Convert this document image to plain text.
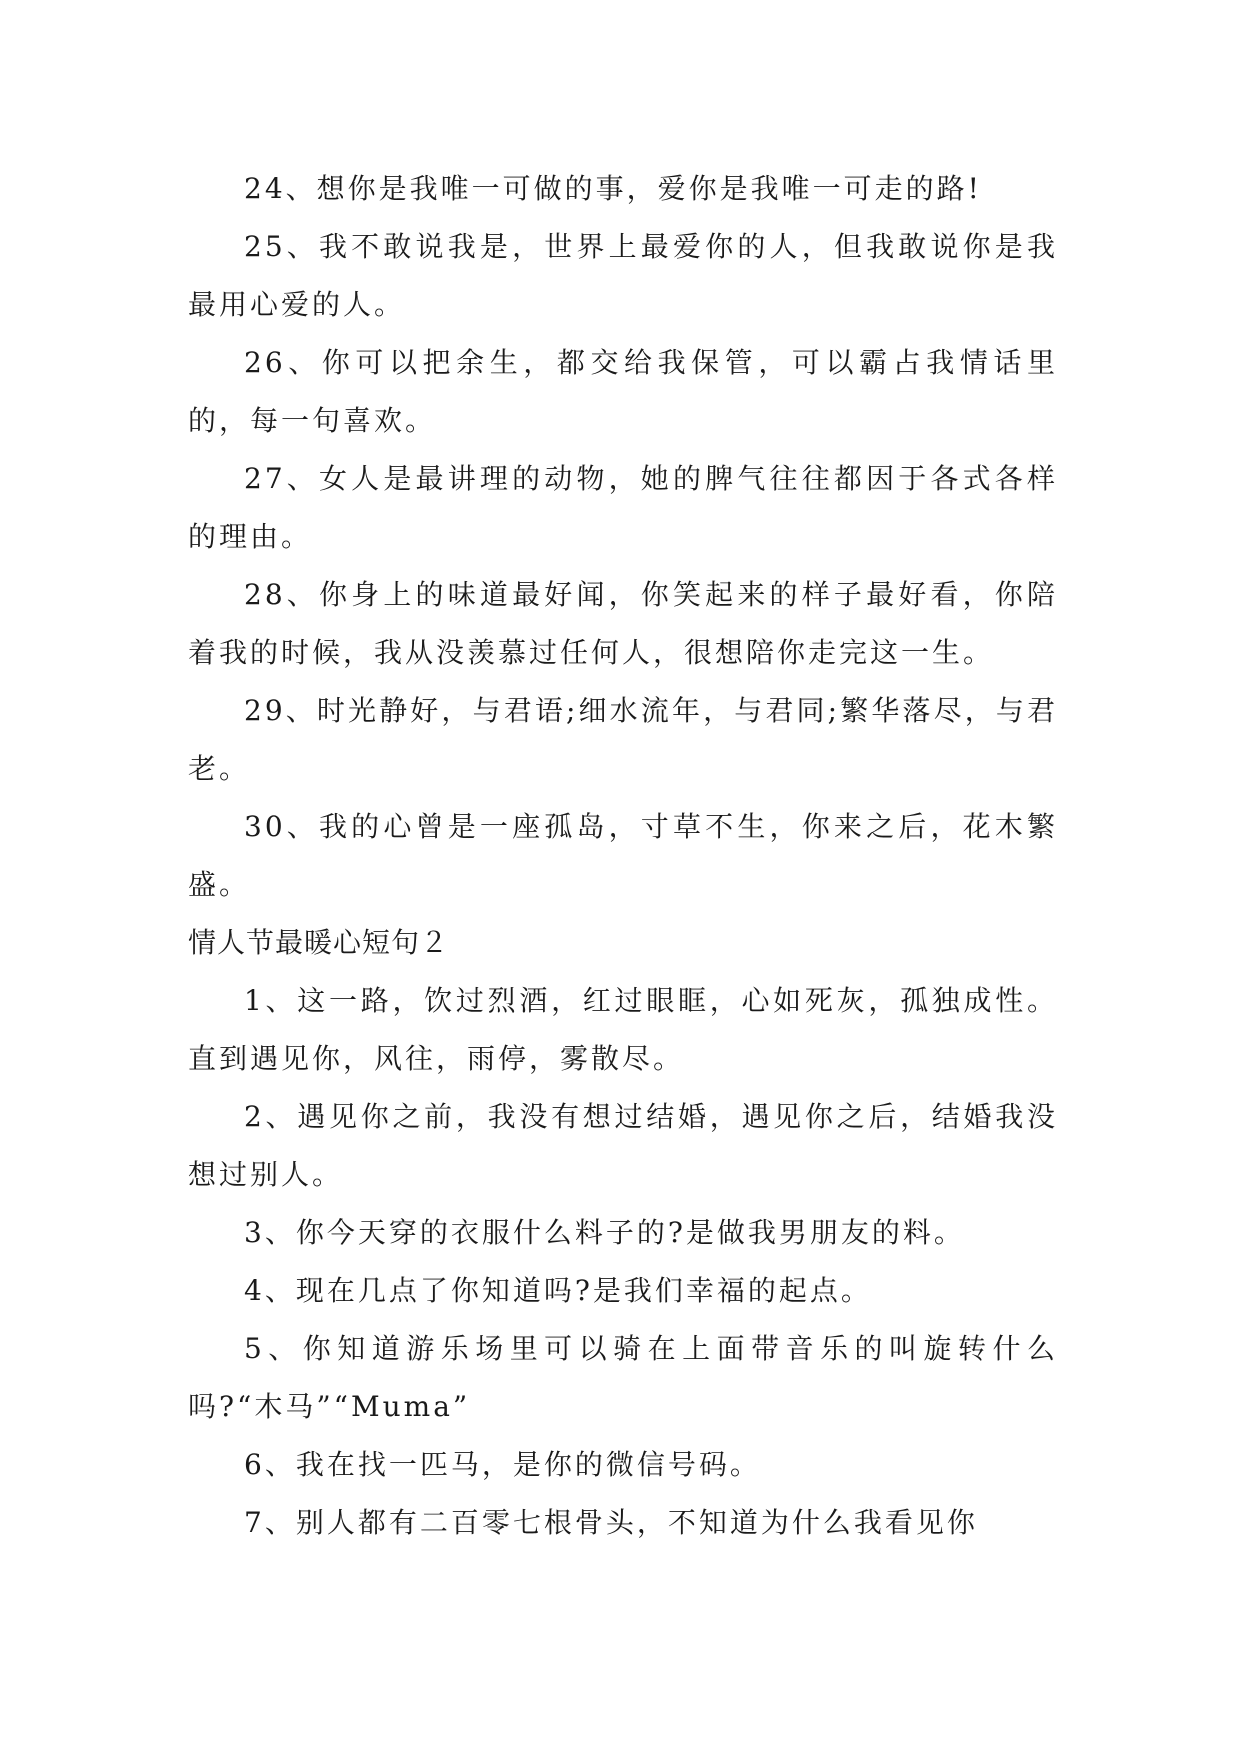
24、想你是我唯一可做的事，爱你是我唯一可走的路!

25、我不敢说我是，世界上最爱你的人，但我敢说你是我最用心爱的人。

26、你可以把余生，都交给我保管，可以霸占我情话里的，每一句喜欢。

27、女人是最讲理的动物，她的脾气往往都因于各式各样的理由。

28、你身上的味道最好闻，你笑起来的样子最好看，你陪着我的时候，我从没羡慕过任何人，很想陪你走完这一生。

29、时光静好，与君语;细水流年，与君同;繁华落尽，与君老。

30、我的心曾是一座孤岛，寸草不生，你来之后，花木繁盛。

情人节最暖心短句２

1、这一路，饮过烈酒，红过眼眶，心如死灰，孤独成性。直到遇见你，风往，雨停，雾散尽。

2、遇见你之前，我没有想过结婚，遇见你之后，结婚我没想过别人。

3、你今天穿的衣服什么料子的?是做我男朋友的料。

4、现在几点了你知道吗?是我们幸福的起点。

5、你知道游乐场里可以骑在上面带音乐的叫旋转什么吗?“木马”“Muma”

6、我在找一匹马，是你的微信号码。

7、别人都有二百零七根骨头，不知道为什么我看见你
